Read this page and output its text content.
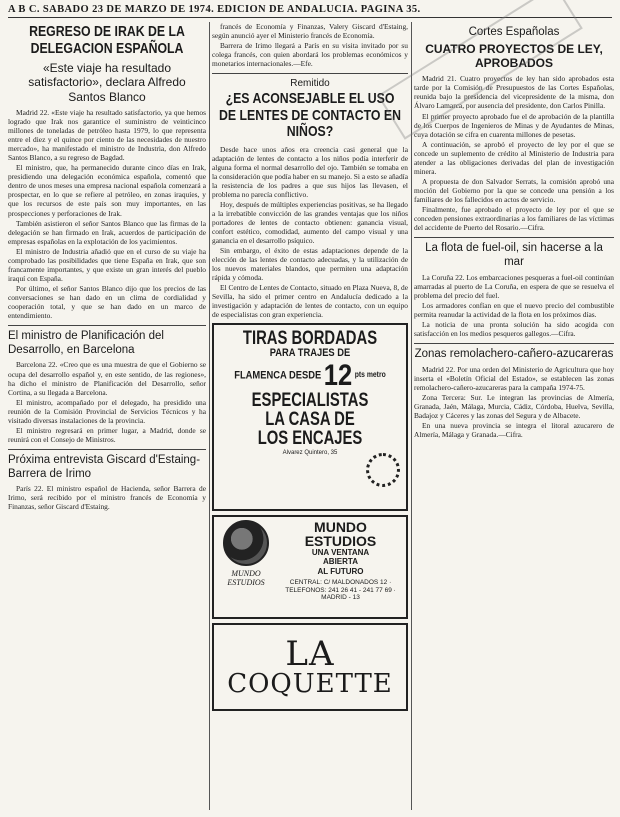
A B C. SABADO 23 DE MARZO DE 1974. EDICION DE ANDALUCIA. PAGINA 35.
REGRESO DE IRAK DE LA DELEGACION ESPAÑOLA
«Este viaje ha resultado satisfactorio», declara Alfredo Santos Blanco

Madrid 22. «Este viaje ha resultado satisfactorio, ya que hemos logrado que Irak nos garantice el suministro de veinticinco millones de toneladas de petróleo hasta 1979, lo que representa entre el diez y el quince por ciento de las necesidades de nuestro mercado», ha manifestado el ministro de Industria, don Alfredo Santos Blanco, a su regreso de Bagdad.

El ministro, que, ha permanecido durante cinco días en Irak, presidiendo una delegación económica española, comentó que dentro de unos meses una empresa nacional española comenzará a prospectar, en lo que se refiere al petróleo, en zonas iraquíes, y que los recursos de este país son muy importantes, en las prospecciones y perforaciones de Irak.

También asistieron el señor Santos Blanco que las firmas de la delegación se han firmado en Irak, acuerdos de participación de empresas españolas en la explotación de los yacimientos.

El ministro de Industria añadió que en el curso de su viaje ha comprobado las posibilidades que tiene España en Irak, que son francamente importantes, y que existe un gran interés del pueblo iraquí con España.

Por último, el señor Santos Blanco dijo que los precios de las conversaciones se han dado en un clima de cordialidad y cooperación total, y que se han dado en un marco de entendimiento.

El ministro de Planificación del Desarrollo, en Barcelona

Barcelona 22. «Creo que es una muestra de que el Gobierno se ocupa del desarrollo español y, en este sentido, de las regiones», ha dicho el ministro de Planificación del Desarrollo, señor Cortina, a su llegada a Barcelona.

El ministro, acompañado por el delegado, ha presidido una reunión de la Comisión Provincial de Servicios Técnicos y ha visitado diversas instalaciones de la provincia.

El ministro regresará en primer lugar, a Madrid, donde se reunirá con el Consejo de Ministros.

Próxima entrevista Giscard d'Estaing-Barrera de Irimo

París 22. El ministro español de Hacienda, señor Barrera de Irimo, será recibido por el ministro francés de Economía y Finanzas, señor Giscard d'Estaing.

francés de Economía y Finanzas, Valery Giscard d'Estaing, según anunció ayer el Ministerio francés de Economía.

Barrera de Irimo llegará a París en su visita invitado por su colega francés, con quien abordará los problemas económicos y monetarios internacionales.—Efe.

Remitido
¿ES ACONSEJABLE EL USO DE LENTES DE CONTACTO EN NIÑOS?

Desde hace unos años era creencia casi general que la adaptación de lentes de contacto a los niños podía interferir de alguna forma el normal desarrollo del ojo. También se tomaba en la consideración que podía haber en su manejo. Si a esto se añadía la resistencia de los padres a que sus hijos las llevasen, el problema no parecía conflictivo.

Hoy, después de múltiples experiencias positivas, se ha llegado a la irrebatible convicción de las grandes ventajas que los niños portadores de lentes de contacto obtienen: ganancia visual, confort estético, comodidad, aumento del campo visual y una ganancia en el desarrollo psíquico.

Sin embargo, el éxito de estas adaptaciones depende de la elección de las lentes de contacto adecuadas, y la utilización de los nuevos materiales blandos, que permiten una adaptación rápida y cómoda.

El Centro de Lentes de Contacto, situado en Plaza Nueva, 8, de Sevilla, ha sido el primer centro en Andalucía dedicado a la investigación y adaptación de lentes de contacto, con un equipo de especialistas con gran experiencia.

TIRAS BORDADAS
PARA TRAJES DE
FLAMENCA DESDE 12 pts metro
ESPECIALISTAS
LA CASA DE
LOS ENCAJES
Alvarez Quintero, 35
MUNDO
ESTUDIOS
MUNDO
ESTUDIOS
UNA VENTANA
ABIERTA
AL FUTURO
CENTRAL: C/ MALDONADOS 12 · TELEFONOS: 241 26 41 - 241 77 69 · MADRID - 13
LA
COQUETTE
Cortes Españolas
CUATRO PROYECTOS DE LEY, APROBADOS

Madrid 21. Cuatro proyectos de ley han sido aprobados esta tarde por la Comisión de Presupuestos de las Cortes Españolas, reunida bajo la presidencia del vicepresidente de la misma, don Álvaro Lamarca, por ausencia del presidente, don Carlos Pinilla.

El primer proyecto aprobado fue el de aprobación de la plantilla de los Cuerpos de Ingenieros de Minas y de Ayudantes de Minas, cuya dotación se cifra en cuarenta millones de pesetas.

A continuación, se aprobó el proyecto de ley por el que se concede un suplemento de crédito al Ministerio de Industria para atender a las obligaciones derivadas del plan de investigación minera.

A propuesta de don Salvador Serrats, la comisión aprobó una moción del Gobierno por la que se concede una pensión a los familiares de los fallecidos en actos de servicio.

Finalmente, fue aprobado el proyecto de ley por el que se conceden pensiones extraordinarias a los familiares de las víctimas del accidente de Puerto del Rosario.—Cifra.

La flota de fuel-oil, sin hacerse a la mar

La Coruña 22. Los embarcaciones pesqueras a fuel-oil continúan amarradas al puerto de La Coruña, en espera de que se resuelva el problema del precio del fuel.

Los armadores confían en que el nuevo precio del combustible permita reanudar la actividad de la flota en los próximos días.

La noticia de una pronta solución ha sido acogida con satisfacción en los medios pesqueros gallegos.—Cifra.

Zonas remolachero-cañero-azucareras

Madrid 22. Por una orden del Ministerio de Agricultura que hoy inserta el «Boletín Oficial del Estado», se establecen las zonas remolachero-cañero-azucareras para la campaña 1974-75.

Zona Tercera: Sur. Le integran las provincias de Almería, Granada, Jaén, Málaga, Murcia, Cádiz, Córdoba, Huelva, Sevilla, Badajoz y Cáceres y las zonas del Segura y de Albacete.

En una nueva provincia se integra el litoral azucarero de Almería, Málaga y Granada.—Cifra.
